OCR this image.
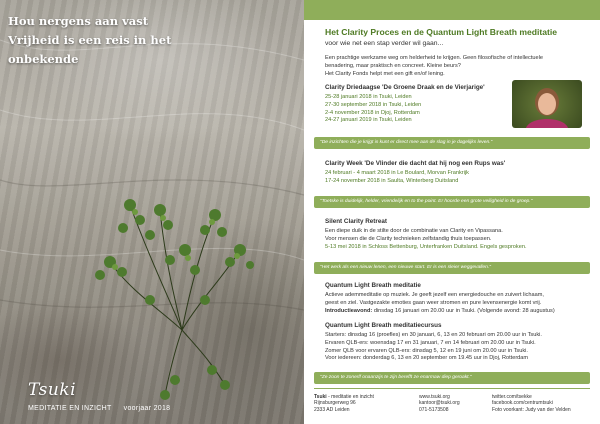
Hou nergens aan vast
Vrijheid is een reis in het
onbekende
Tsuki
MEDITATIE EN INZICHT voorjaar 2018
Het Clarity Proces en de Quantum Light Breath meditatie
voor wie net een stap verder wil gaan...
Een prachtige werkzame weg om helderheid te krijgen. Geen filosofische of intellectuele
benadering, maar praktisch en concreet. Kleine beurs?
Het Clarity Fonds helpt met een gift en/of lening.
Clarity Driedaagse 'De Groene Draak en de Vierjarige'
25-28 januari 2018 in Tsuki, Leiden
27-30 september 2018 in Tsuki, Leiden
2-4 november 2018 in Djoj, Rotterdam
24-27 januari 2019 in Tsuki, Leiden
"De inzichten die je krijgt is kunt er direct mee aan de slag in je dagelijks leven."
Clarity Week 'De Vlinder die dacht dat hij nog een Rups was'
24 februari - 4 maart 2018 in Le Boulard, Morvan Frankrijk
17-24 november 2018 in Saulta, Winterberg Duitsland
"Toetske is duidelijk, helder, vriendelijk en to the point. Er hoorde een grote veiligheid in de groep."
Silent Clarity Retreat
Een diepe duik in de stilte door de combinatie van Clarity en Vipassana.
Voor mensen die de Clarity technieken zelfstandig thuis toepassen.
5-13 mei 2018 in Schloss Bettenburg, Unterfranken Duitsland. Engels gesproken.
"Het werk als een nieuw lenen, een nieuwe start. Er is een sleier weggevallen."
Quantum Light Breath meditatie
Actieve ademmeditatie op muziek. Je geeft jezelf een energiedouche en zuivert lichaam,
geest en ziel. Vastgezakte emoties gaan weer stromen en pure levensenergie komt vrij.
Introductieavond: dinsdag 16 januari om 20.00 uur in Tsuki. (Volgende avond: 28 augustus)
Quantum Light Breath meditatiecursus
Starters: dinsdag 16 (proefles) en 30 januari, 6, 13 en 20 februari om 20.00 uur in Tsuki.
Ervaren QLB-ers: woensdag 17 en 31 januari, 7 en 14 februari om 20.00 uur in Tsuki.
Zomer QLB voor ervaren QLB-ers: dinsdag 5, 12 en 19 juni om 20.00 uur in Tsuki.
Voor iedereen: donderdag 6, 13 en 20 september om 19.45 uur in Djoj, Rotterdam
"Ze zoon te zonerlf onaanzijs te zijn berefft ze enarmaw diep geroakt."
Tsuki - meditatie en inzicht
Rijnsburgerweg 96
2333 AD Leiden
www.tsuki.org
kantoor@tsuki.org
071-5173508
twitter.com/tsekke
facebook.com/centrumtsuki
Foto voorkant: Judy van der Velden
